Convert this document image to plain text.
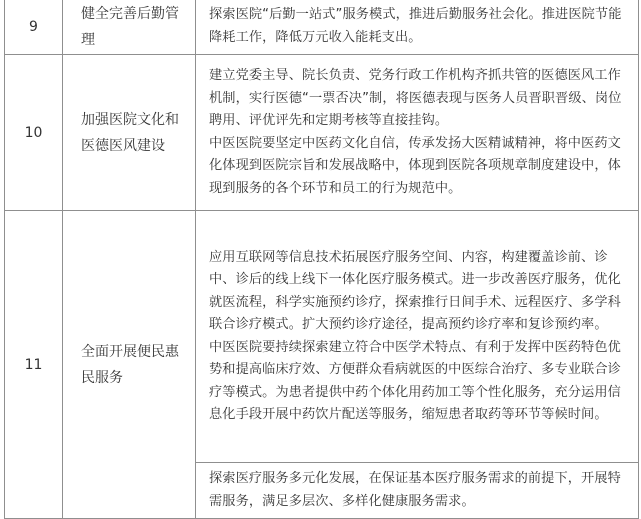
9	健全完善后勤管理	探索医院“后勤一站式”服务模式，推进后勤服务社会化。推进医院节能降耗工作，降低万元收入能耗支出。

10	加强医院文化和医德医风建设	建立党委主导、院长负责、党务行政工作机构齐抓共管的医德医风工作机制，实行医德“一票否决”制，将医德表现与医务人员晋职晋级、岗位聘用、评优评先和定期考核等直接挂钩。

中医医院要坚定中医药文化自信，传承发扬大医精诚精神，将中医药文化体现到医院宗旨和发展战略中，体现到医院各项规章制度建设中，体现到服务的各个环节和员工的行为规范中。

11	全面开展便民惠民服务	应用互联网等信息技术拓展医疗服务空间、内容，构建覆盖诊前、诊中、诊后的线上线下一体化医疗服务模式。进一步改善医疗服务，优化就医流程，科学实施预约诊疗，探索推行日间手术、远程医疗、多学科联合诊疗模式。扩大预约诊疗途径，提高预约诊疗率和复诊预约率。

中医医院要持续探索建立符合中医学术特点、有利于发挥中医药特色优势和提高临床疗效、方便群众看病就医的中医综合治疗、多专业联合诊疗等模式。为患者提供中药个体化用药加工等个性化服务，充分运用信息化手段开展中药饮片配送等服务，缩短患者取药等环节等候时间。

		探索医疗服务多元化发展，在保证基本医疗服务需求的前提下，开展特需服务，满足多层次、多样化健康服务需求。
